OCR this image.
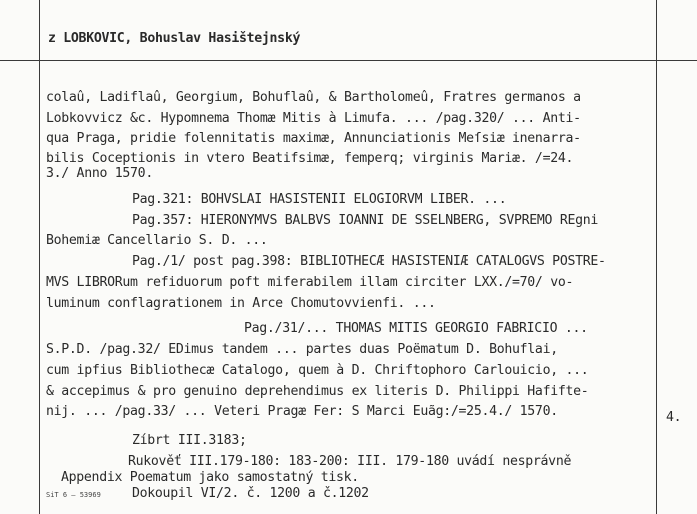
z LOBKOVIC, Bohuslav Hasištejnský
colaû, Ladiflaû, Georgium, Bohuflaû, & Bartholomeû, Fratres germanos a
Lobkovvicz &c. Hypomnema Thomæ Mitis à Limufa. ... /pag.320/ ... Anti-
qua Praga, pridie folennitatis maximæ, Annunciationis Meſsiæ inenarra-
bilis Coceptionis in vtero Beatifsimæ, femperq; virginis Mariæ. /=24.
3./ Anno 1570.
Pag.321: BOHVSLAI HASISTENII ELOGIORVM LIBER. ...
Pag.357: HIERONYMVS BALBVS IOANNI DE SSELNBERG, SVPREMO REgni
Bohemiæ Cancellario S. D. ...
Pag./1/ post pag.398: BIBLIOTHECÆ HASISTENIÆ CATALOGVS POSTRE-
MVS LIBRORum refiduorum poft miferabilem illam circiter LXX./=70/ vo-
luminum conflagrationem in Arce Chomutovvienfi. ...
Pag./31/... THOMAS MITIS GEORGIO FABRICIO ...
S.P.D. /pag.32/ EDimus tandem ... partes duas Poëmatum D. Bohuflai,
cum ipfius Bibliothecæ Catalogo, quem à D. Chriftophoro Carlouicio, ...
& accepimus & pro genuino deprehendimus ex literis D. Philippi Hafifte-
nij. ... /pag.33/ ... Veteri Pragæ Fer: S Marci Euãg:/=25.4./ 1570.	4.
Zíbrt III.3183;
Rukověť III.179-180: 183-200: III. 179-180 uvádí nesprávně
Appendix Poematum jako samostatný tisk.
Dokoupil VI/2. č. 1200 a č.1202
SiT 6 — 53969
